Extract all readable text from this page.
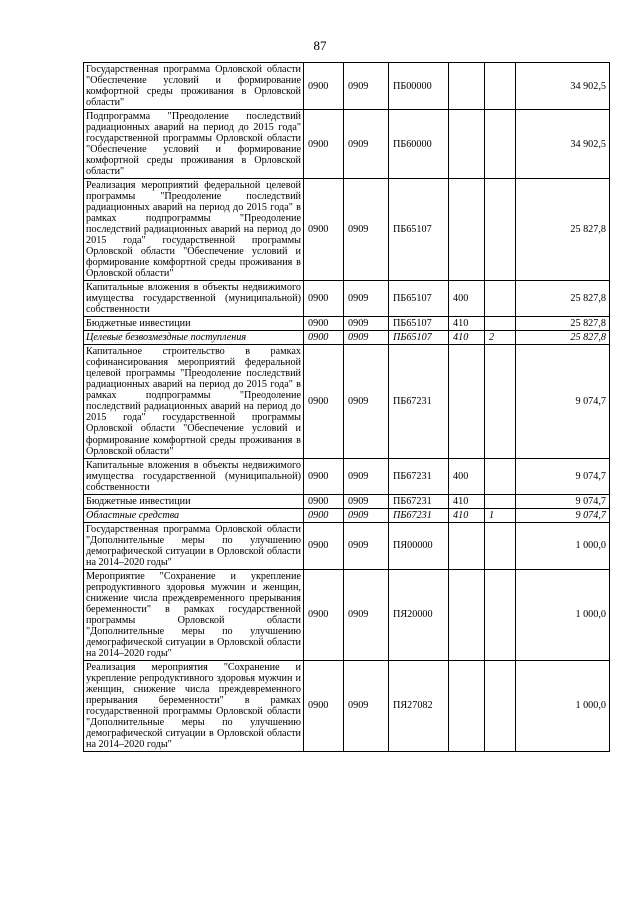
87
Государственная программа Орловской области "Обеспечение условий и формирование комфортной среды проживания в Орловской области"	0900	0909	ПБ00000			34 902,5
Подпрограмма "Преодоление последствий радиационных аварий на период до 2015 года" государственной программы Орловской области "Обеспечение условий и формирование комфортной среды проживания в Орловской области"	0900	0909	ПБ60000			34 902,5
Реализация мероприятий федеральной целевой программы "Преодоление последствий радиационных аварий на период до 2015 года" в рамках подпрограммы "Преодоление последствий радиационных аварий на период до 2015 года" государственной программы Орловской области "Обеспечение условий и формирование комфортной среды проживания в Орловской области"	0900	0909	ПБ65107			25 827,8
Капитальные вложения в объекты недвижимого имущества государственной (муниципальной) собственности	0900	0909	ПБ65107	400		25 827,8
Бюджетные инвестиции	0900	0909	ПБ65107	410		25 827,8
Целевые безвозмездные поступления	0900	0909	ПБ65107	410	2	25 827,8
Капитальное строительство в рамках софинансирования мероприятий федеральной целевой программы "Преодоление последствий радиационных аварий на период до 2015 года" в рамках подпрограммы "Преодоление последствий радиационных аварий на период до 2015 года" государственной программы Орловской области "Обеспечение условий и формирование комфортной среды проживания в Орловской области"	0900	0909	ПБ67231			9 074,7
Капитальные вложения в объекты недвижимого имущества государственной (муниципальной) собственности	0900	0909	ПБ67231	400		9 074,7
Бюджетные инвестиции	0900	0909	ПБ67231	410		9 074,7
Областные средства	0900	0909	ПБ67231	410	1	9 074,7
Государственная программа Орловской области "Дополнительные меры по улучшению демографической ситуации в Орловской области на 2014–2020 годы"	0900	0909	ПЯ00000			1 000,0
Мероприятие "Сохранение и укрепление репродуктивного здоровья мужчин и женщин, снижение числа преждевременного прерывания беременности" в рамках государственной программы Орловской области "Дополнительные меры по улучшению демографической ситуации в Орловской области на 2014–2020 годы"	0900	0909	ПЯ20000			1 000,0
Реализация мероприятия "Сохранение и укрепление репродуктивного здоровья мужчин и женщин, снижение числа преждевременного прерывания беременности" в рамках государственной программы Орловской области "Дополнительные меры по улучшению демографической ситуации в Орловской области на 2014–2020 годы"	0900	0909	ПЯ27082			1 000,0
